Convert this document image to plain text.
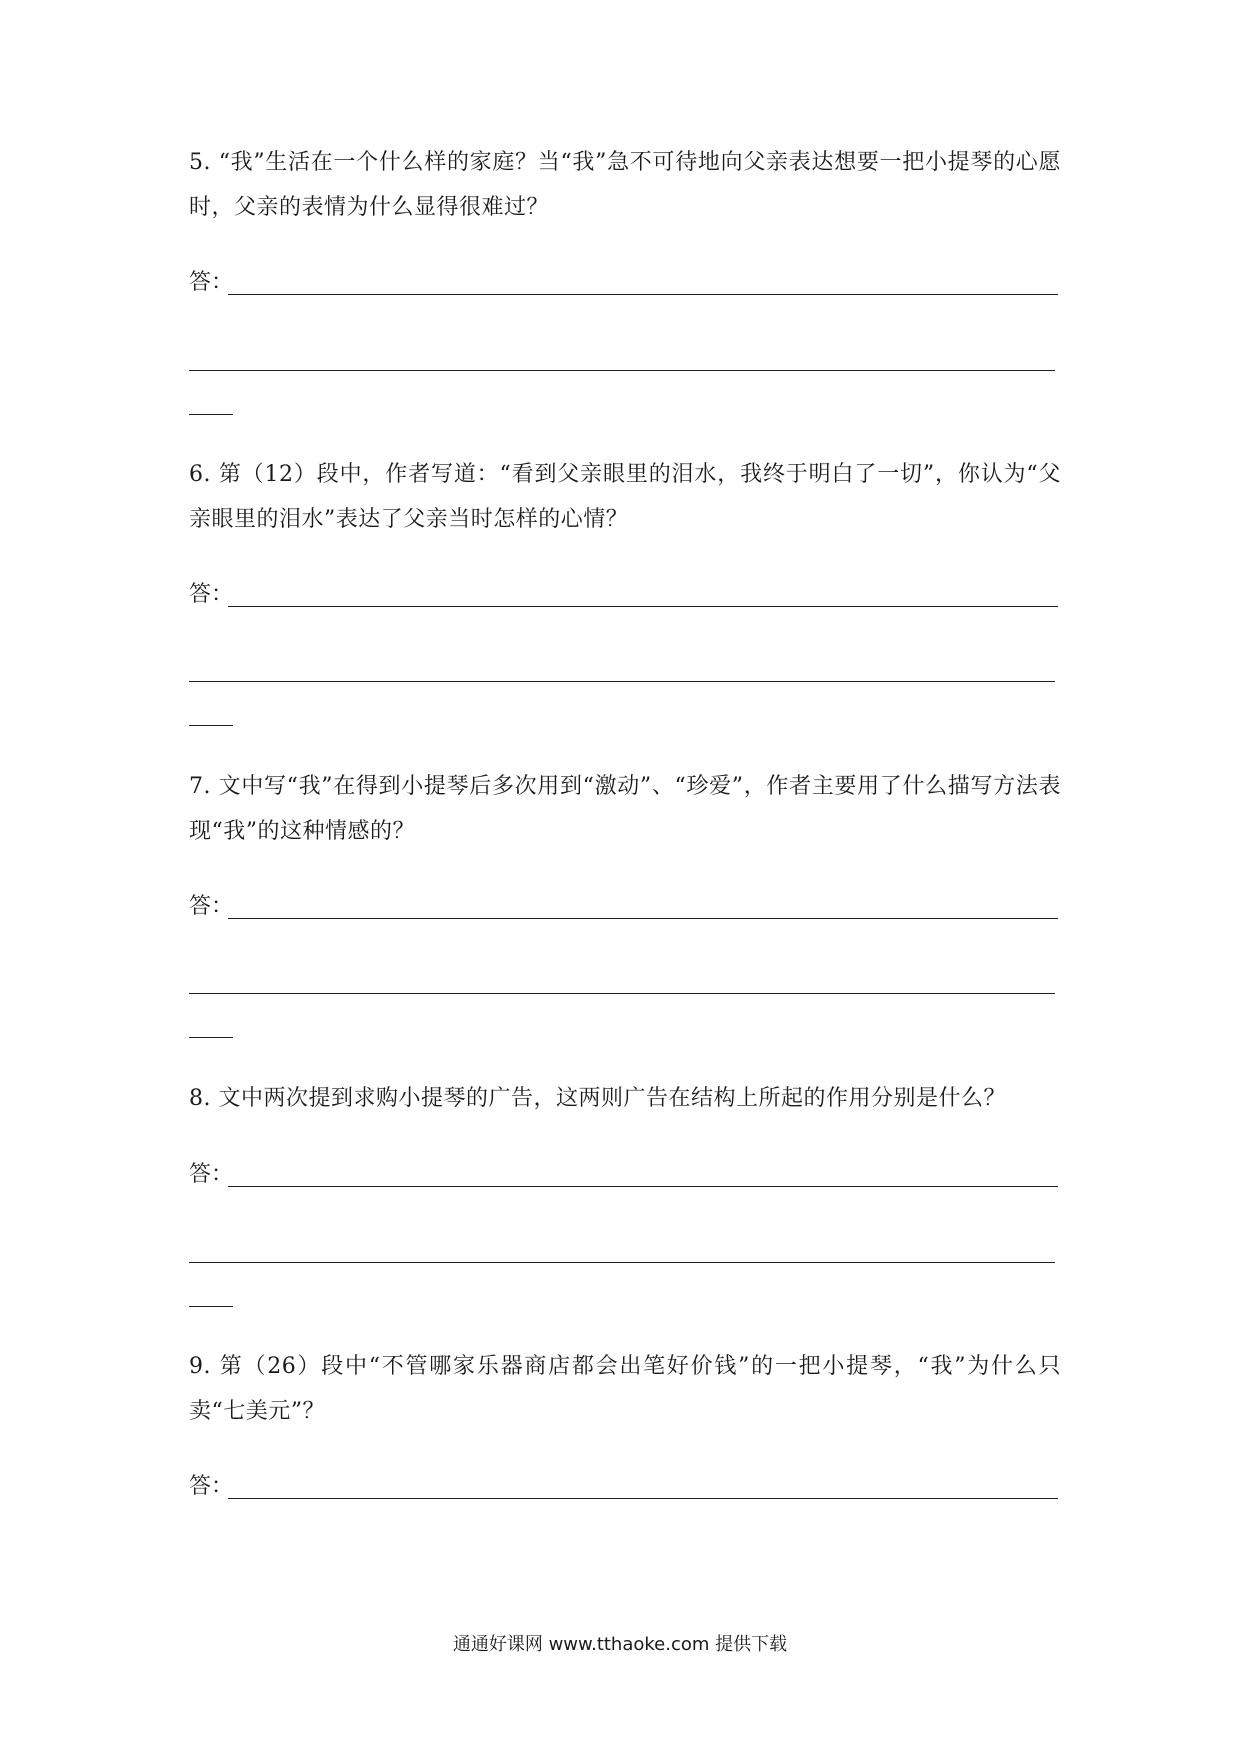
5. “我”生活在一个什么样的家庭？当“我”急不可待地向父亲表达想要一把小提琴的心愿时，父亲的表情为什么显得很难过？

答：

6. 第（12）段中，作者写道：“看到父亲眼里的泪水，我终于明白了一切”，你认为“父亲眼里的泪水”表达了父亲当时怎样的心情？

答：

7. 文中写“我”在得到小提琴后多次用到“激动”、“珍爱”，作者主要用了什么描写方法表现“我”的这种情感的？

答：

8. 文中两次提到求购小提琴的广告，这两则广告在结构上所起的作用分别是什么？

答：

9. 第（26）段中“不管哪家乐器商店都会出笔好价钱”的一把小提琴，“我”为什么只卖“七美元”？

答：
通通好课网 www.tthaoke.com 提供下载
